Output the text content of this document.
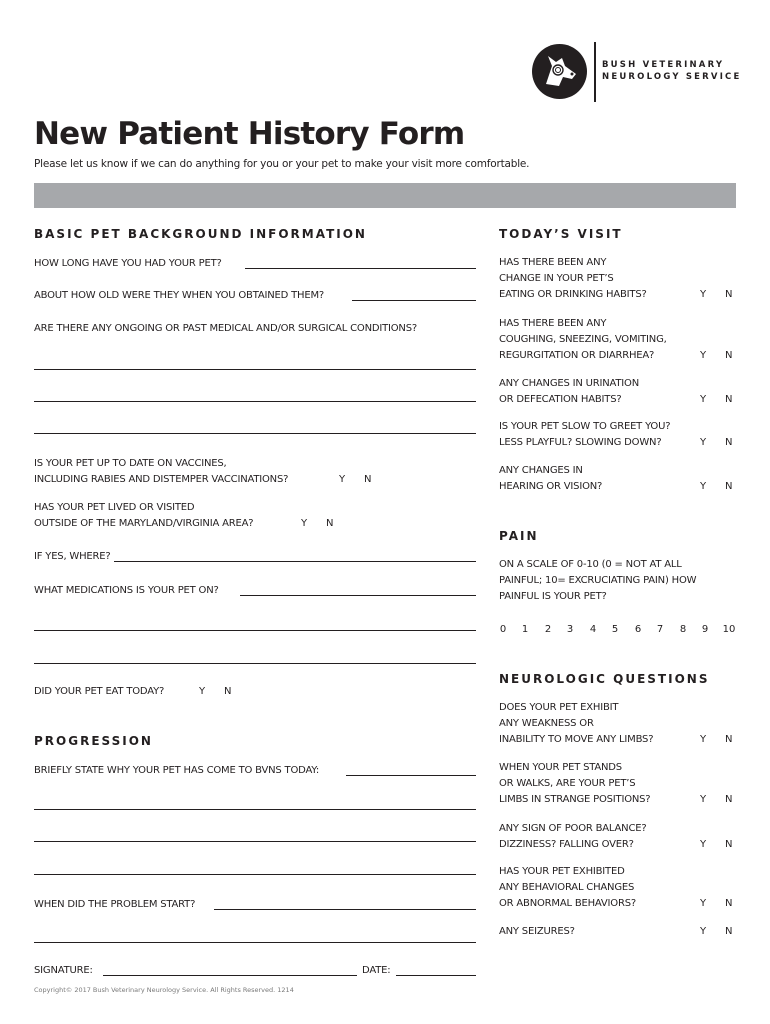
BUSH VETERINARY
NEUROLOGY SERVICE
New Patient History Form
Please let us know if we can do anything for you or your pet to make your visit more comfortable.
BASIC PET BACKGROUND INFORMATION
HOW LONG HAVE YOU HAD YOUR PET?
ABOUT HOW OLD WERE THEY WHEN YOU OBTAINED THEM?
ARE THERE ANY ONGOING OR PAST MEDICAL AND/OR SURGICAL CONDITIONS?
IS YOUR PET UP TO DATE ON VACCINES,
INCLUDING RABIES AND DISTEMPER VACCINATIONS?	Y N
HAS YOUR PET LIVED OR VISITED
OUTSIDE OF THE MARYLAND/VIRGINIA AREA?	Y N
IF YES, WHERE?
WHAT MEDICATIONS IS YOUR PET ON?
DID YOUR PET EAT TODAY?	Y N
PROGRESSION
BRIEFLY STATE WHY YOUR PET HAS COME TO BVNS TODAY:
WHEN DID THE PROBLEM START?
SIGNATURE:	DATE:
Copyright© 2017 Bush Veterinary Neurology Service. All Rights Reserved. 1214
TODAY’S VISIT
HAS THERE BEEN ANY
CHANGE IN YOUR PET’S
EATING OR DRINKING HABITS?	Y N
HAS THERE BEEN ANY
COUGHING, SNEEZING, VOMITING,
REGURGITATION OR DIARRHEA?	Y N
ANY CHANGES IN URINATION
OR DEFECATION HABITS?	Y N
IS YOUR PET SLOW TO GREET YOU?
LESS PLAYFUL? SLOWING DOWN?	Y N
ANY CHANGES IN
HEARING OR VISION?	Y N
PAIN
ON A SCALE OF 0-10 (0 = NOT AT ALL
PAINFUL; 10= EXCRUCIATING PAIN) HOW
PAINFUL IS YOUR PET?
0	1	2	3	4	5	6	7	8	9	10
NEUROLOGIC QUESTIONS
DOES YOUR PET EXHIBIT
ANY WEAKNESS OR
INABILITY TO MOVE ANY LIMBS?	Y N
WHEN YOUR PET STANDS
OR WALKS, ARE YOUR PET’S
LIMBS IN STRANGE POSITIONS?	Y N
ANY SIGN OF POOR BALANCE?
DIZZINESS? FALLING OVER?	Y N
HAS YOUR PET EXHIBITED
ANY BEHAVIORAL CHANGES
OR ABNORMAL BEHAVIORS?	Y N
ANY SEIZURES?	Y N
